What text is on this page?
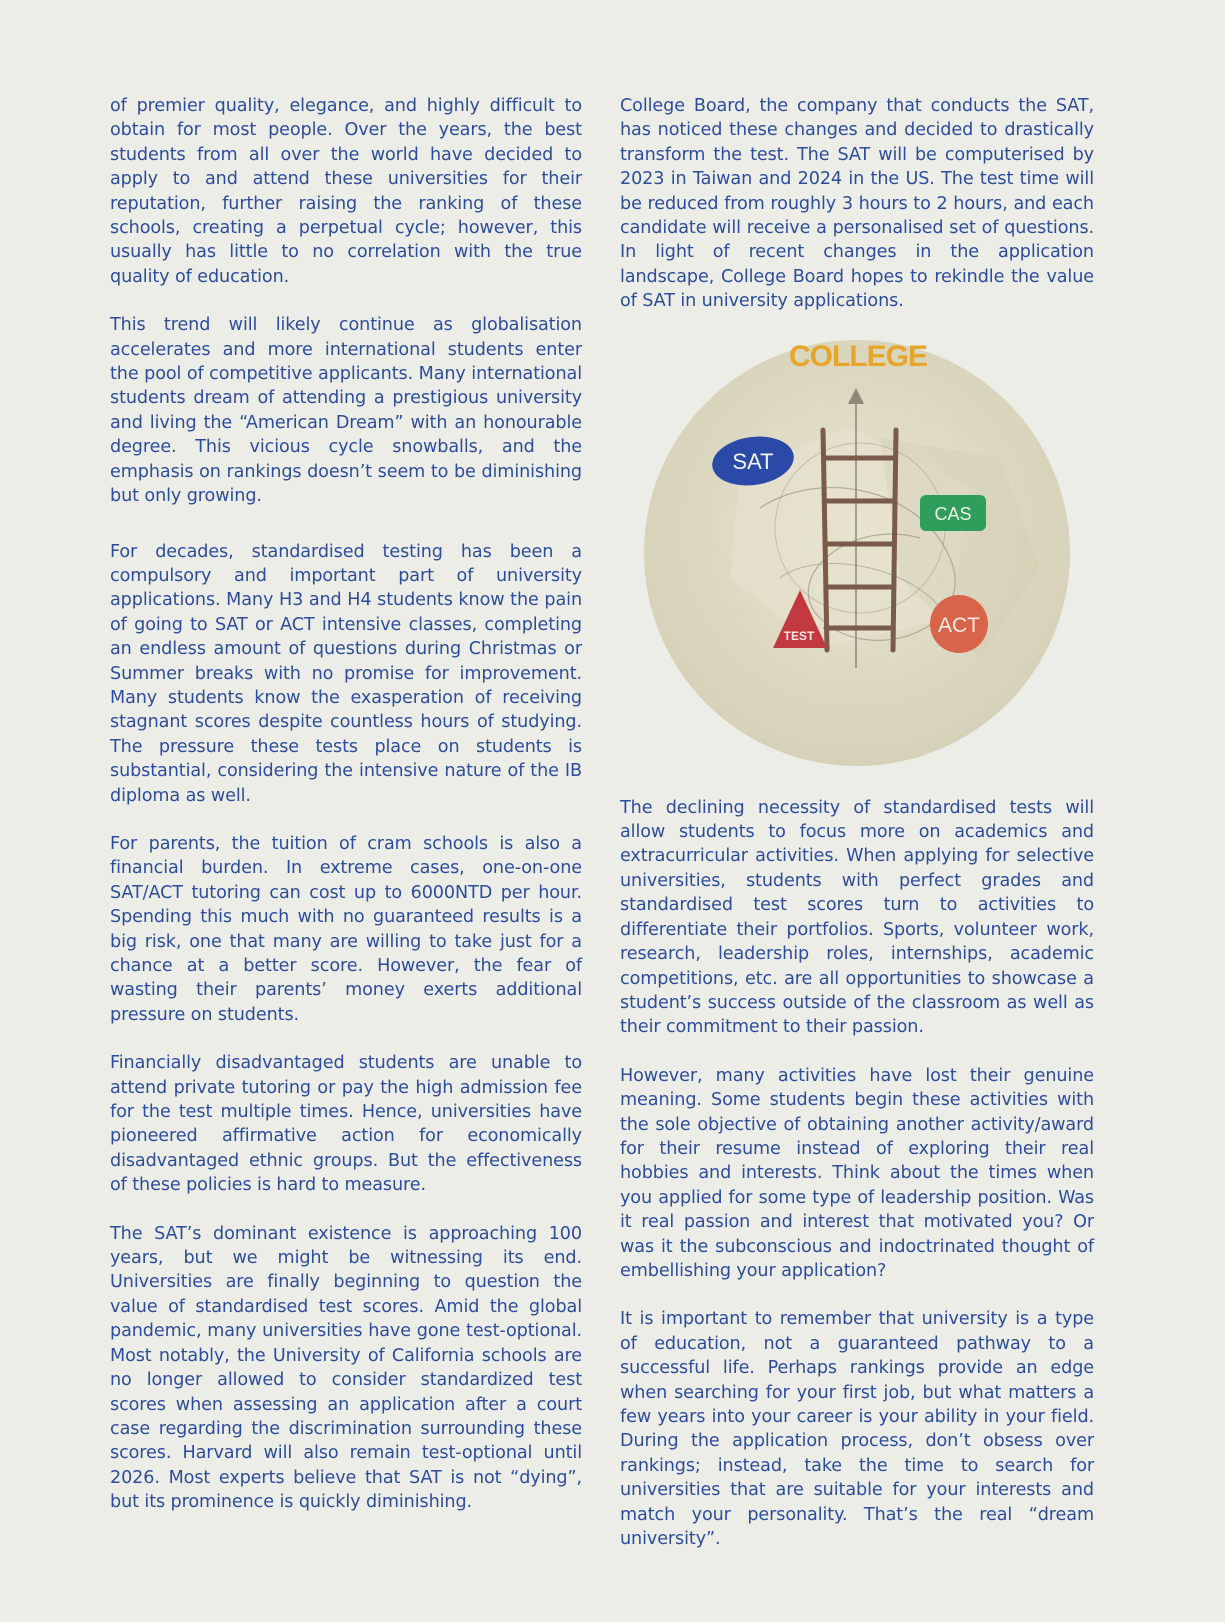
of premier quality, elegance, and highly difficult to obtain for most people. Over the years, the best students from all over the world have decided to apply to and attend these universities for their reputation, further raising the ranking of these schools, creating a perpetual cycle; however, this usually has little to no correlation with the true quality of education.

This trend will likely continue as globalisation accelerates and more international students enter the pool of competitive applicants. Many international students dream of attending a prestigious university and living the “American Dream” with an honourable degree. This vicious cycle snowballs, and the emphasis on rankings doesn’t seem to be diminishing but only growing.

For decades, standardised testing has been a compulsory and important part of university applications. Many H3 and H4 students know the pain of going to SAT or ACT intensive classes, completing an endless amount of questions during Christmas or Summer breaks with no promise for improvement. Many students know the exasperation of receiving stagnant scores despite countless hours of studying. The pressure these tests place on students is substantial, considering the intensive nature of the IB diploma as well.

For parents, the tuition of cram schools is also a financial burden. In extreme cases, one-on-one SAT/ACT tutoring can cost up to 6000NTD per hour. Spending this much with no guaranteed results is a big risk, one that many are willing to take just for a chance at a better score. However, the fear of wasting their parents’ money exerts additional pressure on students.

Financially disadvantaged students are unable to attend private tutoring or pay the high admission fee for the test multiple times. Hence, universities have pioneered affirmative action for economically disadvantaged ethnic groups. But the effectiveness of these policies is hard to measure.

The SAT’s dominant existence is approaching 100 years, but we might be witnessing its end. Universities are finally beginning to question the value of standardised test scores. Amid the global pandemic, many universities have gone test-optional. Most notably, the University of California schools are no longer allowed to consider standardized test scores when assessing an application after a court case regarding the discrimination surrounding these scores. Harvard will also remain test-optional until 2026. Most experts believe that SAT is not “dying”, but its prominence is quickly diminishing.

College Board, the company that conducts the SAT, has noticed these changes and decided to drastically transform the test. The SAT will be computerised by 2023 in Taiwan and 2024 in the US. The test time will be reduced from roughly 3 hours to 2 hours, and each candidate will receive a personalised set of questions. In light of recent changes in the application landscape, College Board hopes to rekindle the value of SAT in university applications.

COLLEGE
SAT
CAS
ACT
TEST

The declining necessity of standardised tests will allow students to focus more on academics and extracurricular activities. When applying for selective universities, students with perfect grades and standardised test scores turn to activities to differentiate their portfolios. Sports, volunteer work, research, leadership roles, internships, academic competitions, etc. are all opportunities to showcase a student’s success outside of the classroom as well as their commitment to their passion.

However, many activities have lost their genuine meaning. Some students begin these activities with the sole objective of obtaining another activity/award for their resume instead of exploring their real hobbies and interests. Think about the times when you applied for some type of leadership position. Was it real passion and interest that motivated you? Or was it the subconscious and indoctrinated thought of embellishing your application?

It is important to remember that university is a type of education, not a guaranteed pathway to a successful life. Perhaps rankings provide an edge when searching for your first job, but what matters a few years into your career is your ability in your field. During the application process, don’t obsess over rankings; instead, take the time to search for universities that are suitable for your interests and match your personality. That’s the real “dream university”.
